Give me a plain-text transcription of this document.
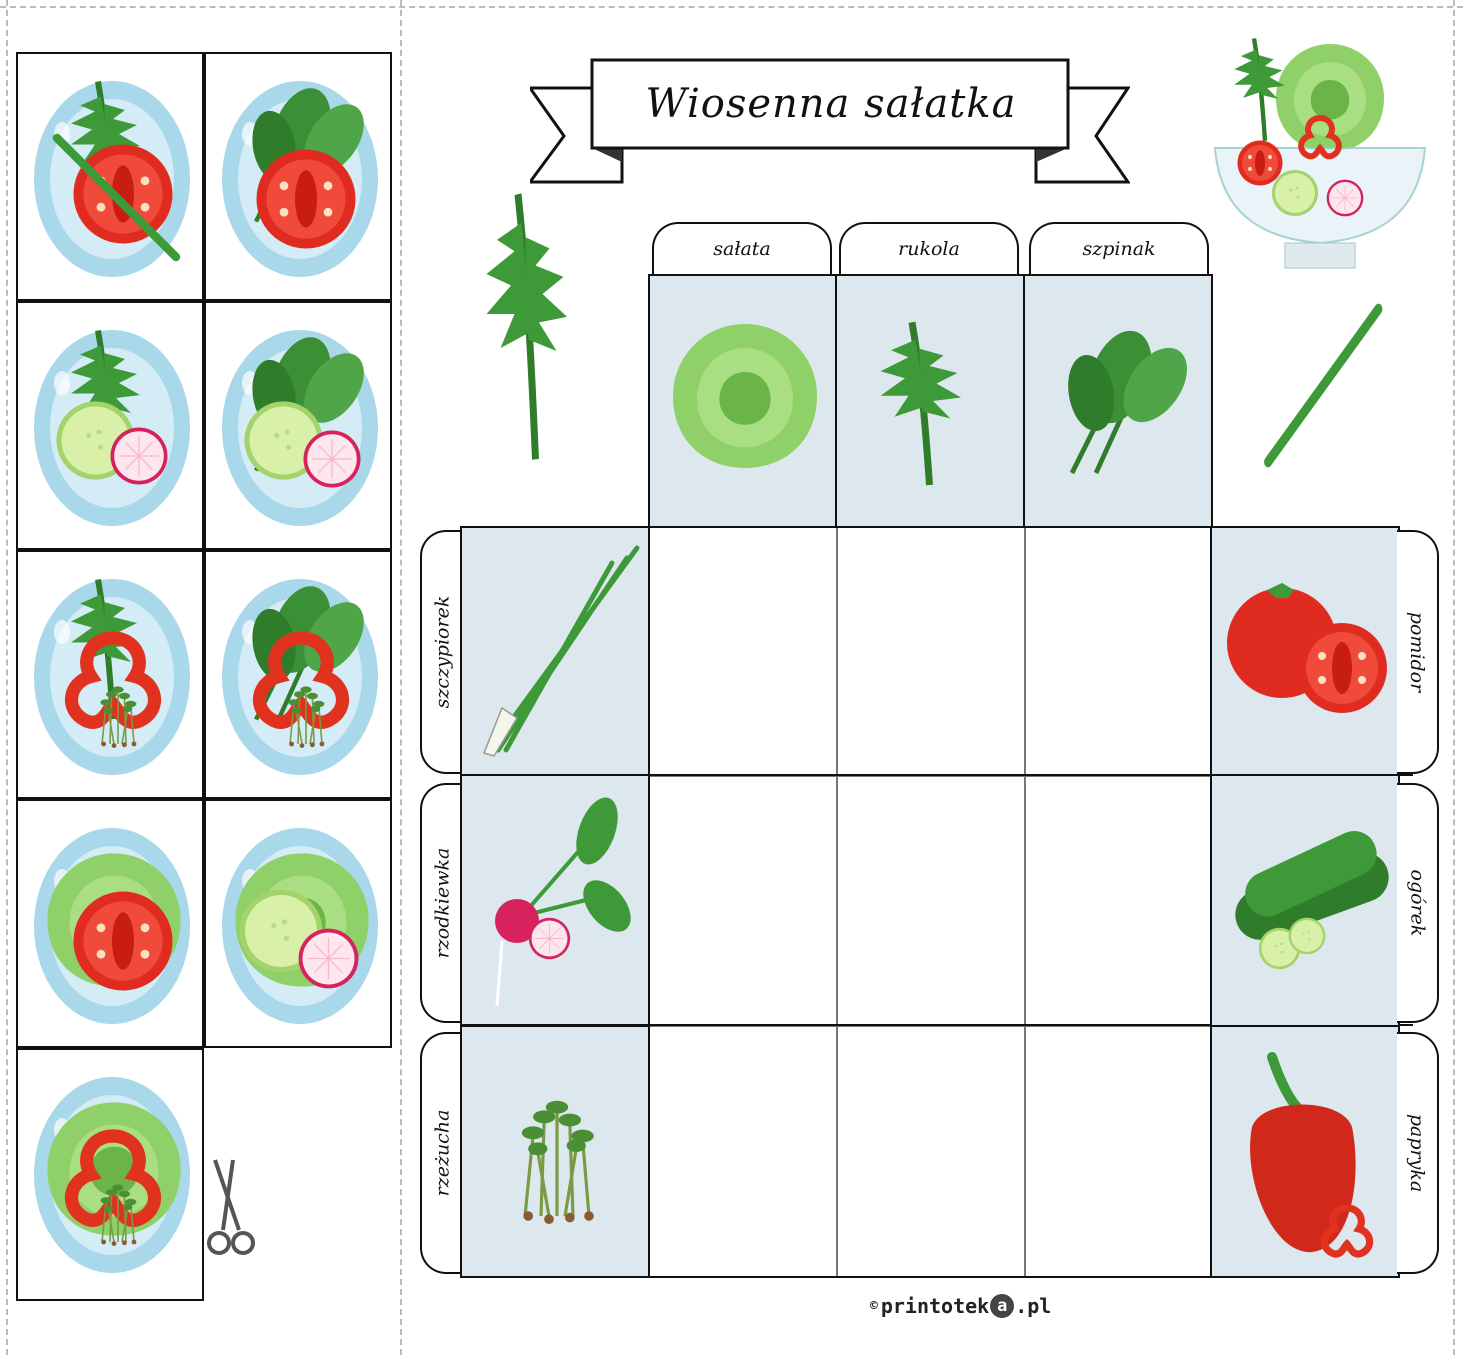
Wiosenna sałatka
sałata	rukola	szpinak
szczypiorek
rzodkiewka
rzeżucha
pomidor
ogórek
papryka
© printotek a .pl
